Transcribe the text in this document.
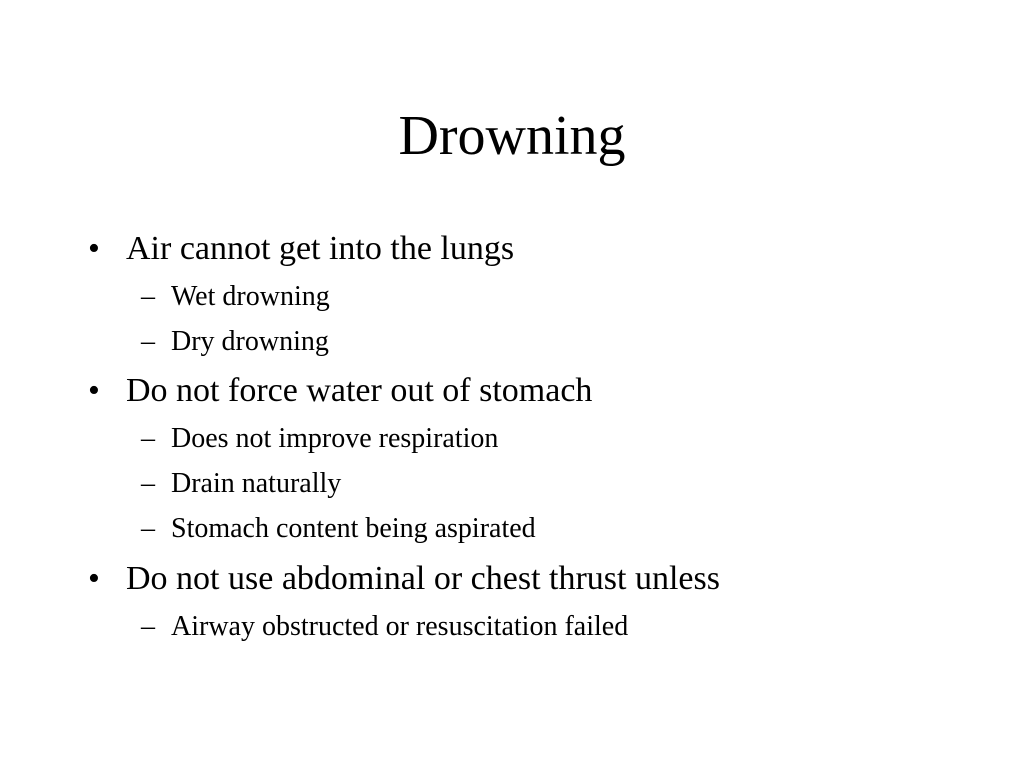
Drowning
• Air cannot get into the lungs
– Wet drowning
– Dry drowning
• Do not force water out of stomach
– Does not improve respiration
– Drain naturally
– Stomach content being aspirated
• Do not use abdominal or chest thrust unless
– Airway obstructed or resuscitation failed
